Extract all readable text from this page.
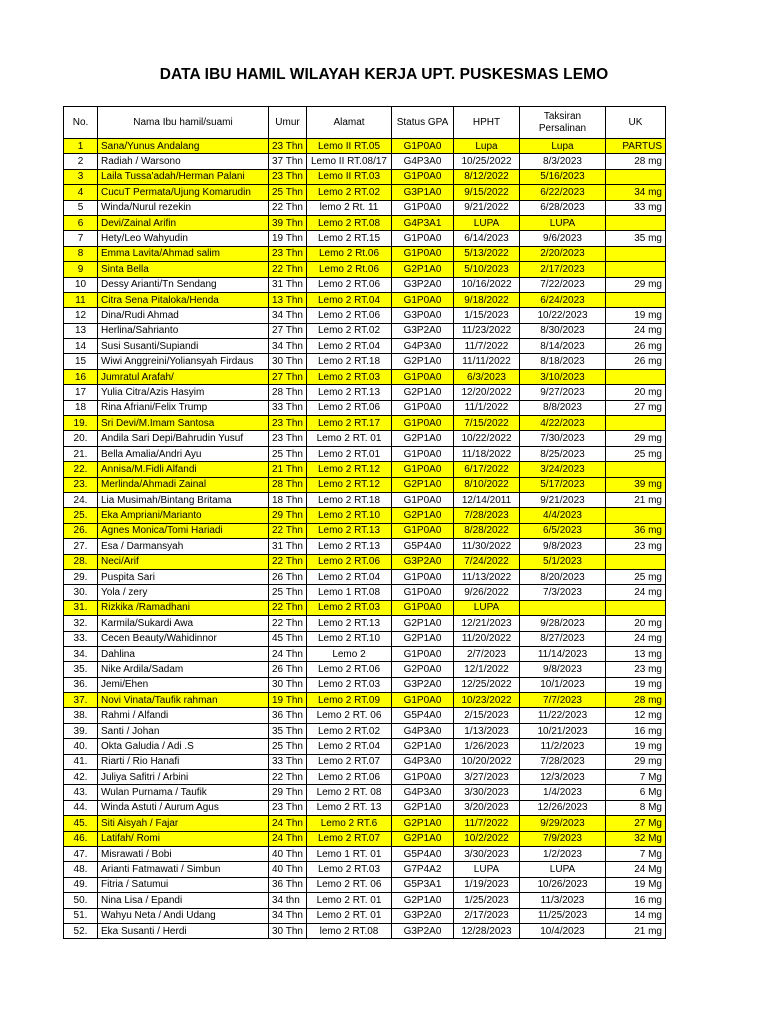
DATA IBU HAMIL WILAYAH KERJA UPT. PUSKESMAS LEMO
No.	Nama Ibu hamil/suami	Umur	Alamat	Status GPA	HPHT	Taksiran Persalinan	UK
1	Sana/Yunus Andalang	23 Thn	Lemo II RT.05	G1P0A0	Lupa	Lupa	PARTUS
2	Radiah / Warsono	37 Thn	Lemo II RT.08/17	G4P3A0	10/25/2022	8/3/2023	28 mg
3	Laila Tussa'adah/Herman Palani	23 Thn	Lemo II RT.03	G1P0A0	8/12/2022	5/16/2023	
4	CucuT Permata/Ujung Komarudin	25 Thn	Lemo 2 RT.02	G3P1A0	9/15/2022	6/22/2023	34 mg
5	Winda/Nurul rezekin	22 Thn	lemo 2 Rt. 11	G1P0A0	9/21/2022	6/28/2023	33 mg
6	Devi/Zainal Arifin	39 Thn	Lemo 2 RT.08	G4P3A1	LUPA	LUPA	
7	Hety/Leo Wahyudin	19 Thn	Lemo 2 RT.15	G1P0A0	6/14/2023	9/6/2023	35 mg
8	Emma Lavita/Ahmad salim	23 Thn	Lemo 2 Rt.06	G1P0A0	5/13/2022	2/20/2023	
9	Sinta Bella	22 Thn	Lemo 2 Rt.06	G2P1A0	5/10/2023	2/17/2023	
10	Dessy Arianti/Tn Sendang	31 Thn	Lemo 2 RT.06	G3P2A0	10/16/2022	7/22/2023	29 mg
11	Citra Sena Pitaloka/Henda	13 Thn	Lemo 2 RT.04	G1P0A0	9/18/2022	6/24/2023	
12	Dina/Rudi Ahmad	34 Thn	Lemo 2 RT.06	G3P0A0	1/15/2023	10/22/2023	19 mg
13	Herlina/Sahrianto	27 Thn	Lemo 2 RT.02	G3P2A0	11/23/2022	8/30/2023	24 mg
14	Susi Susanti/Supiandi	34 Thn	Lemo 2 RT.04	G4P3A0	11/7/2022	8/14/2023	26 mg
15	Wiwi Anggreini/Yoliansyah Firdaus	30 Thn	Lemo 2 RT.18	G2P1A0	11/11/2022	8/18/2023	26 mg
16	Jumratul Arafah/	27 Thn	Lemo 2 RT.03	G1P0A0	6/3/2023	3/10/2023	
17	Yulia Citra/Azis Hasyim	28 Thn	Lemo 2 RT.13	G2P1A0	12/20/2022	9/27/2023	20 mg
18	Rina Afriani/Felix Trump	33 Thn	Lemo 2 RT.06	G1P0A0	11/1/2022	8/8/2023	27 mg
19.	Sri Devi/M.Imam Santosa	23 Thn	Lemo 2 RT.17	G1P0A0	7/15/2022	4/22/2023	
20.	Andila Sari Depi/Bahrudin Yusuf	23 Thn	Lemo 2 RT. 01	G2P1A0	10/22/2022	7/30/2023	29 mg
21.	Bella Amalia/Andri Ayu	25 Thn	Lemo 2 RT.01	G1P0A0	11/18/2022	8/25/2023	25 mg
22.	Annisa/M.Fidli Alfandi	21 Thn	Lemo 2 RT.12	G1P0A0	6/17/2022	3/24/2023	
23.	Merlinda/Ahmadi Zainal	28 Thn	Lemo 2 RT.12	G2P1A0	8/10/2022	5/17/2023	39 mg
24.	Lia Musimah/Bintang Britama	18 Thn	Lemo 2 RT.18	G1P0A0	12/14/2011	9/21/2023	21 mg
25.	Eka Ampriani/Marianto	29 Thn	Lemo 2 RT.10	G2P1A0	7/28/2023	4/4/2023	
26.	Agnes Monica/Tomi Hariadi	22 Thn	Lemo 2 RT.13	G1P0A0	8/28/2022	6/5/2023	36 mg
27.	Esa / Darmansyah	31 Thn	Lemo 2 RT.13	G5P4A0	11/30/2022	9/8/2023	23 mg
28.	Neci/Arif	22 Thn	Lemo 2 RT.06	G3P2A0	7/24/2022	5/1/2023	
29.	Puspita Sari	26 Thn	Lemo 2 RT.04	G1P0A0	11/13/2022	8/20/2023	25 mg
30.	Yola / zery	25 Thn	Lemo 1 RT.08	G1P0A0	9/26/2022	7/3/2023	24 mg
31.	Rizkika /Ramadhani	22 Thn	Lemo 2 RT.03	G1P0A0	LUPA		
32.	Karmila/Sukardi Awa	22 Thn	Lemo 2 RT.13	G2P1A0	12/21/2023	9/28/2023	20 mg
33.	Cecen Beauty/Wahidinnor	45 Thn	Lemo 2 RT.10	G2P1A0	11/20/2022	8/27/2023	24 mg
34.	Dahlina	24 Thn	Lemo 2	G1P0A0	2/7/2023	11/14/2023	13 mg
35.	Nike Ardila/Sadam	26 Thn	Lemo 2 RT.06	G2P0A0	12/1/2022	9/8/2023	23 mg
36.	Jemi/Ehen	30 Thn	Lemo 2 RT.03	G3P2A0	12/25/2022	10/1/2023	19 mg
37.	Novi Vinata/Taufik rahman	19 Thn	Lemo 2 RT.09	G1P0A0	10/23/2022	7/7/2023	28 mg
38.	Rahmi / Alfandi	36 Thn	Lemo 2 RT. 06	G5P4A0	2/15/2023	11/22/2023	12 mg
39.	Santi / Johan	35 Thn	Lemo 2 RT.02	G4P3A0	1/13/2023	10/21/2023	16 mg
40.	Okta Galudia / Adi .S	25 Thn	Lemo 2 RT.04	G2P1A0	1/26/2023	11/2/2023	19 mg
41.	Riarti / Rio Hanafi	33 Thn	Lemo 2 RT.07	G4P3A0	10/20/2022	7/28/2023	29 mg
42.	Juliya Safitri / Arbini	22 Thn	Lemo 2 RT.06	G1P0A0	3/27/2023	12/3/2023	7 Mg
43.	Wulan Purnama / Taufik	29 Thn	Lemo 2 RT. 08	G4P3A0	3/30/2023	1/4/2023	6 Mg
44.	Winda Astuti / Aurum Agus	23 Thn	Lemo 2 RT. 13	G2P1A0	3/20/2023	12/26/2023	8 Mg
45.	Siti Aisyah / Fajar	24 Thn	Lemo 2 RT.6	G2P1A0	11/7/2022	9/29/2023	27 Mg
46.	Latifah/ Romi	24 Thn	Lemo 2 RT.07	G2P1A0	10/2/2022	7/9/2023	32 Mg
47.	Misrawati / Bobi	40 Thn	Lemo 1 RT. 01	G5P4A0	3/30/2023	1/2/2023	7 Mg
48.	Arianti Fatmawati / Simbun	40 Thn	Lemo 2 RT.03	G7P4A2	LUPA	LUPA	24 Mg
49.	Fitria / Satumui	36 Thn	Lemo 2 RT. 06	G5P3A1	1/19/2023	10/26/2023	19 Mg
50.	Nina Lisa / Epandi	34 thn	Lemo 2 RT. 01	G2P1A0	1/25/2023	11/3/2023	16 mg
51.	Wahyu Neta / Andi Udang	34 Thn	Lemo 2 RT. 01	G3P2A0	2/17/2023	11/25/2023	14 mg
52.	Eka Susanti / Herdi	30 Thn	lemo 2 RT.08	G3P2A0	12/28/2023	10/4/2023	21 mg
